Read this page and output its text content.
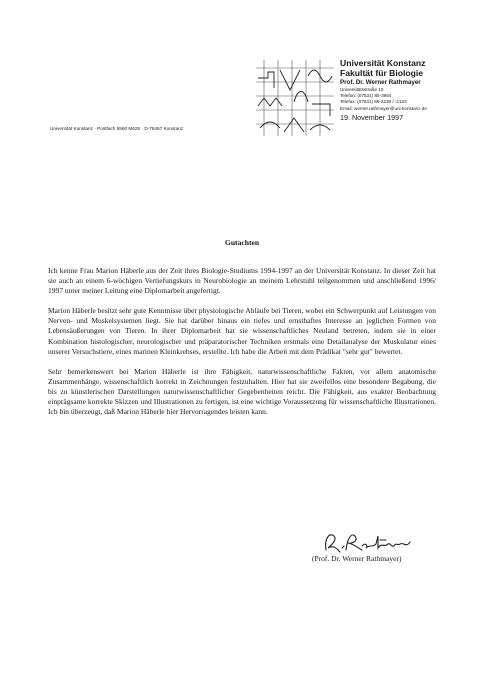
Universität Konstanz
Fakultät für Biologie
Prof. Dr. Werner Rathmayer
Universitätsstraße 10
Telefon: (07531) 88-3964
Telefax: (07531) 88-2238 / -2133
Email: werner.rathmayer@uni-konstanz.de
19. November 1997
Universität Konstanz · Postfach 5560 M625 · D-78457 Konstanz
Gutachten

Ich kenne Frau Marion Häberle aus der Zeit ihres Biologie-Studiums 1994-1997 an der Universität Konstanz. In dieser Zeit hat sie auch an einem 6-wöchigen Vertiefungskurs in Neurobiologie an meinem Lehrstuhl teilgenommen und anschließend 1996/ 1997 unter meiner Leitung eine Diplomarbeit angefertigt.

Marion Häberle besitzt sehr gute Kenntnisse über physiologische Abläufe bei Tieren, wobei ein Schwerpunkt auf Leistungen von Nerven- und Muskelsystemen liegt. Sie hat darüber hinaus ein tiefes und ernsthaftes Interesse an jeglichen Formen von Lebensäußerungen von Tieren. In ihrer Diplomarbeit hat sie wissenschaftliches Neuland betreten, indem sie in einer Kombination histologischer, neurologischer und präparatorischer Techniken erstmals eine Detailanalyse der Muskulatur eines unserer Versuchstiere, eines marinen Kleinkrebses, erstellte. Ich habe die Arbeit mit dem Prädikat "sehr gut" bewertet.

Sehr bemerkenswert bei Marion Häberle ist ihre Fähigkeit, naturwissenschaftliche Fakten, vor allem anatomische Zusammenhänge, wissenschaftlich korrekt in Zeichnungen festzuhalten. Hier hat sie zweifellos eine besondere Begabung, die bis zu künstlerischen Darstellungen naturwissenschaftlicher Gegebenheiten reicht. Die Fähigkeit, aus exakter Beobachtung einprägsame korrekte Skizzen und Illustrationen zu fertigen, ist eine wichtige Voraussetzung für wissenschaftliche Illustrationen. Ich bin überzeugt, daß Marion Häberle hier Hervorragendes leisten kann.

(Prof. Dr. Werner Rathmayer)
